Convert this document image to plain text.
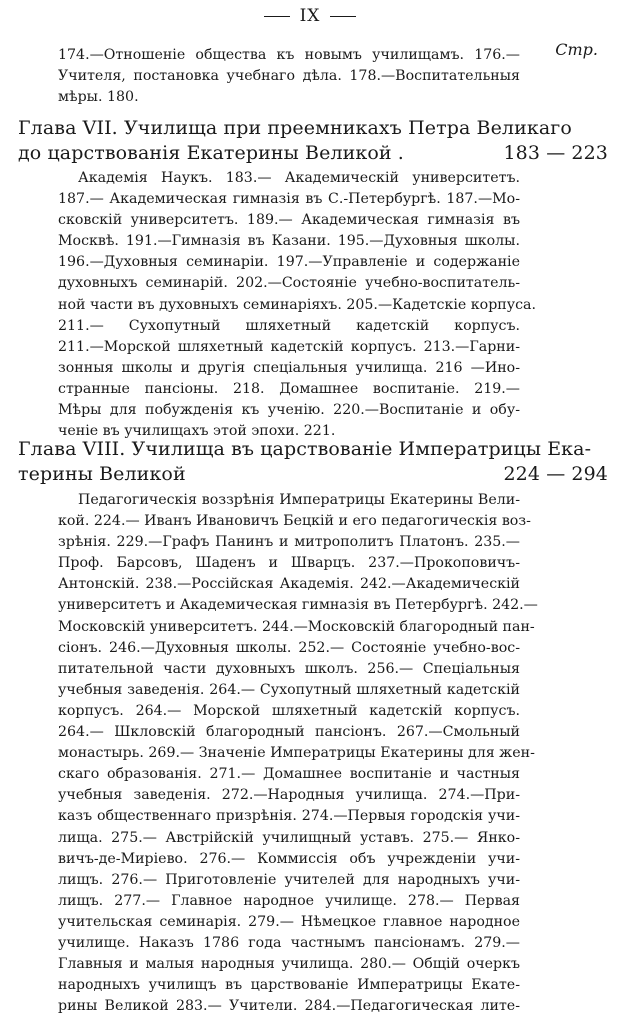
IX
Стр.
174.—Отношеніе общества къ новымъ училищамъ. 176.—
Учителя, постановка учебнаго дѣла. 178.—Воспитательныя
мѣры. 180.
Глава VII. Училища при преемникахъ Петра Великаго
до царствованія Екатерины Великой .	183 — 223
Академія Наукъ. 183.— Академическій университетъ.
187.— Академическая гимназія въ С.-Петербургѣ. 187.—Мо-
сковскій университетъ. 189.— Академическая гимназія въ
Москвѣ. 191.—Гимназія въ Казани. 195.—Духовныя школы.
196.—Духовныя семинаріи. 197.—Управленіе и содержаніе
духовныхъ семинарій. 202.—Состояніе учебно-воспитатель-
ной части въ духовныхъ семинаріяхъ. 205.—Кадетскіе корпуса.
211.— Сухопутный шляхетный кадетскій корпусъ.
211.—Морской шляхетный кадетскій корпусъ. 213.—Гарни-
зонныя школы и другія спеціальныя училища. 216 —Ино-
странные пансіоны. 218. Домашнее воспитаніе. 219.—
Мѣры для побужденія къ ученію. 220.—Воспитаніе и обу-
ченіе въ училищахъ этой эпохи. 221.
Глава VIII. Училища въ царствованіе Императрицы Ека-
терины Великой	224 — 294
Педагогическія воззрѣнія Императрицы Екатерины Вели-
кой. 224.— Иванъ Ивановичъ Бецкій и его педагогическія воз-
зрѣнія. 229.—Графъ Панинъ и митрополитъ Платонъ. 235.—
Проф. Барсовъ, Шаденъ и Шварцъ. 237.—Прокоповичъ-
Антонскій. 238.—Россійская Академія. 242.—Академическій
университетъ и Академическая гимназія въ Петербургѣ. 242.—
Московскій университетъ. 244.—Московскій благородный пан-
сіонъ. 246.—Духовныя школы. 252.— Состояніе учебно-вос-
питательной части духовныхъ школъ. 256.— Спеціальныя
учебныя заведенія. 264.— Сухопутный шляхетный кадетскій
корпусъ. 264.— Морской шляхетный кадетскій корпусъ.
264.— Шкловскій благородный пансіонъ. 267.—Смольный
монастырь. 269.— Значеніе Императрицы Екатерины для жен-
скаго образованія. 271.— Домашнее воспитаніе и частныя
учебныя заведенія. 272.—Народныя училища. 274.—При-
казъ общественнаго призрѣнія. 274.—Первыя городскія учи-
лища. 275.— Австрійскій училищный уставъ. 275.— Янко-
вичъ-де-Миріево. 276.— Коммиссія объ учрежденіи учи-
лищъ. 276.— Приготовленіе учителей для народныхъ учи-
лищъ. 277.— Главное народное училище. 278.— Первая
учительская семинарія. 279.— Нѣмецкое главное народное
училище. Наказъ 1786 года частнымъ пансіонамъ. 279.—
Главныя и малыя народныя училища. 280.— Общій очеркъ
народныхъ училищъ въ царствованіе Императрицы Екате-
рины Великой 283.— Учители. 284.—Педагогическая лите-
